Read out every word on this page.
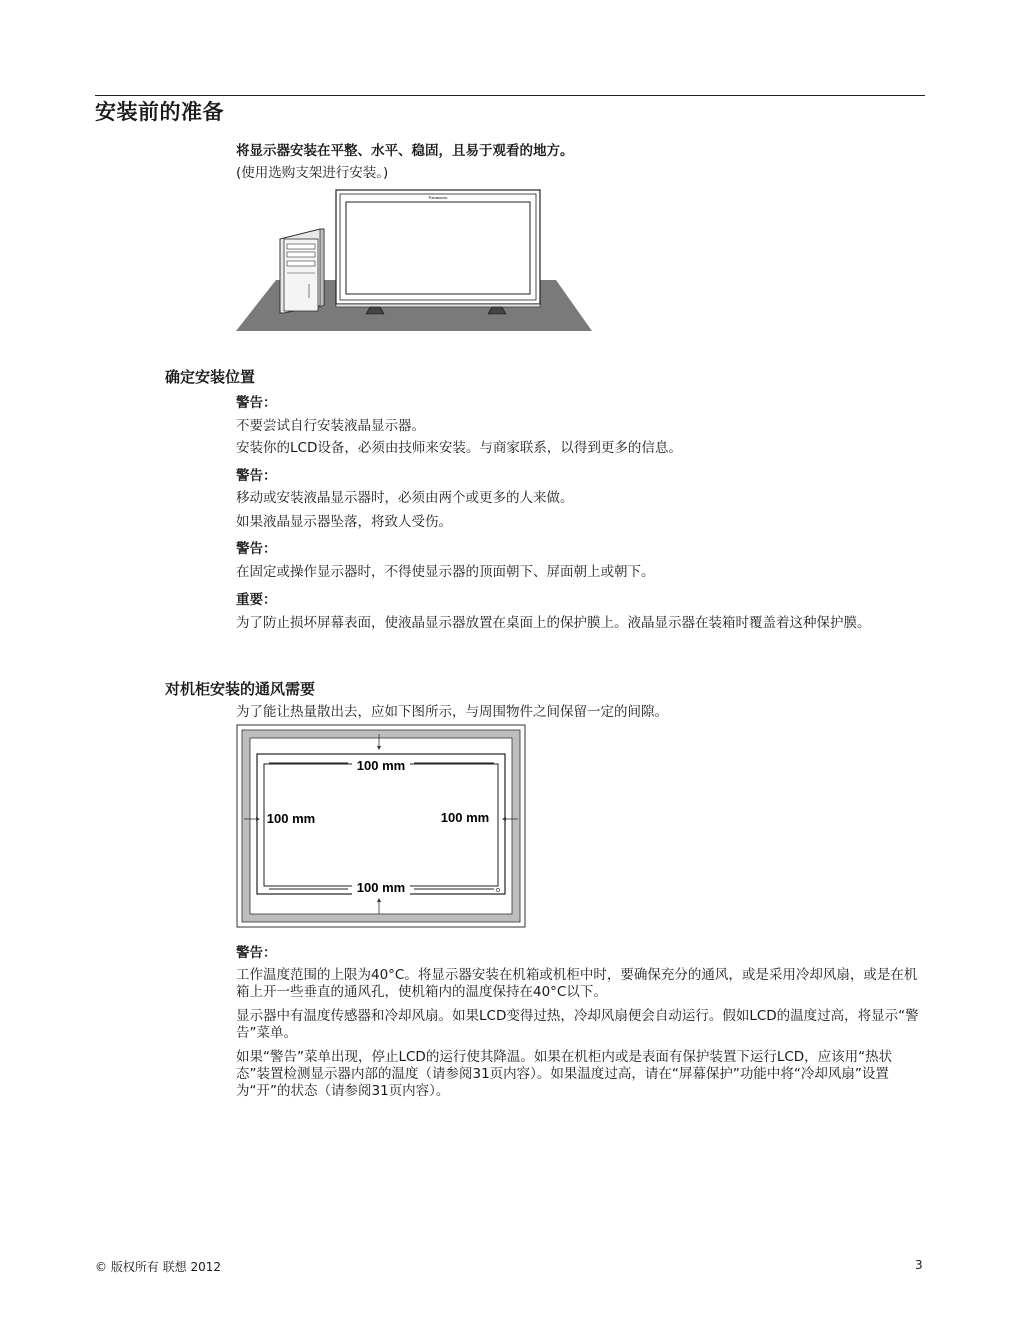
安装前的准备

将显示器安装在平整、水平、稳固，且易于观看的地方。

(使用选购支架进行安装。)

Panasonic
确定安装位置

警告：

不要尝试自行安装液晶显示器。

安装你的LCD设备，必须由技师来安装。与商家联系，以得到更多的信息。

警告：

移动或安装液晶显示器时，必须由两个或更多的人来做。

如果液晶显示器坠落，将致人受伤。

警告：

在固定或操作显示器时，不得使显示器的顶面朝下、屏面朝上或朝下。

重要：

为了防止损坏屏幕表面，使液晶显示器放置在桌面上的保护膜上。液晶显示器在装箱时覆盖着这种保护膜。

对机柜安装的通风需要

为了能让热量散出去，应如下图所示，与周围物件之间保留一定的间隙。

100 mm
100 mm	100 mm
100 mm

警告：

工作温度范围的上限为40°C。将显示器安装在机箱或机柜中时，要确保充分的通风，或是采用冷却风扇，或是在机箱上开一些垂直的通风孔，使机箱内的温度保持在40°C以下。

显示器中有温度传感器和冷却风扇。如果LCD变得过热，冷却风扇便会自动运行。假如LCD的温度过高，将显示“警告”菜单。

如果“警告”菜单出现，停止LCD的运行使其降温。如果在机柜内或是表面有保护装置下运行LCD，应该用“热状态”装置检测显示器内部的温度（请参阅31页内容）。如果温度过高，请在“屏幕保护”功能中将“冷却风扇”设置为“开”的状态（请参阅31页内容）。

© 版权所有 联想 2012	3
